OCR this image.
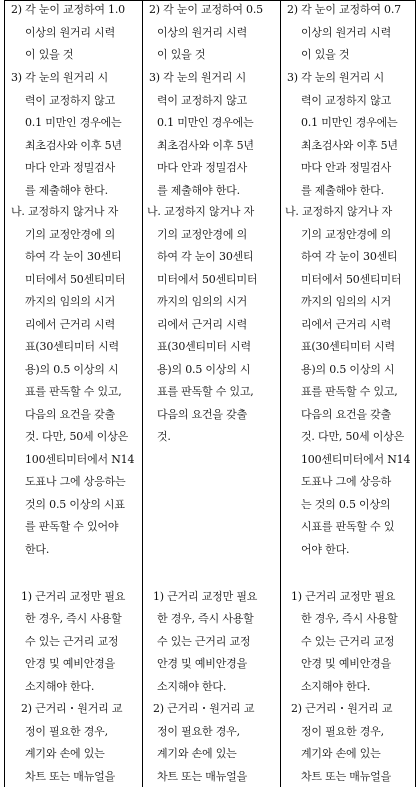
2) 각 눈이 교정하여 1.0
이상의 원거리 시력
이 있을 것
3) 각 눈의 원거리 시
력이 교정하지 않고
0.1 미만인 경우에는
최초검사와 이후 5년
마다 안과 정밀검사
를 제출해야 한다.
나. 교정하지 않거나 자
기의 교정안경에 의
하여 각 눈이 30센티
미터에서 50센티미터
까지의 임의의 시거
리에서 근거리 시력
표(30센티미터 시력
용)의 0.5 이상의 시
표를 판독할 수 있고,
다음의 요건을 갖출
것. 다만, 50세 이상은
100센티미터에서 N14
도표나 그에 상응하는
것의 0.5 이상의 시표
를 판독할 수 있어야
한다.
1) 근거리 교정만 필요
한 경우, 즉시 사용할
수 있는 근거리 교정
안경 및 예비안경을
소지해야 한다.
2) 근거리・원거리 교
정이 필요한 경우,
계기와 손에 있는
차트 또는 매뉴얼을
2) 각 눈이 교정하여 0.5
이상의 원거리 시력
이 있을 것
3) 각 눈의 원거리 시
력이 교정하지 않고
0.1 미만인 경우에는
최초검사와 이후 5년
마다 안과 정밀검사
를 제출해야 한다.
나. 교정하지 않거나 자
기의 교정안경에 의
하여 각 눈이 30센티
미터에서 50센티미터
까지의 임의의 시거
리에서 근거리 시력
표(30센티미터 시력
용)의 0.5 이상의 시
표를 판독할 수 있고,
다음의 요건을 갖출
것.
1) 근거리 교정만 필요
한 경우, 즉시 사용할
수 있는 근거리 교정
안경 및 예비안경을
소지해야 한다.
2) 근거리・원거리 교
정이 필요한 경우,
계기와 손에 있는
차트 또는 매뉴얼을
2) 각 눈이 교정하여 0.7
이상의 원거리 시력
이 있을 것
3) 각 눈의 원거리 시
력이 교정하지 않고
0.1 미만인 경우에는
최초검사와 이후 5년
마다 안과 정밀검사
를 제출해야 한다.
나. 교정하지 않거나 자
기의 교정안경에 의
하여 각 눈이 30센티
미터에서 50센티미터
까지의 임의의 시거
리에서 근거리 시력
표(30센티미터 시력
용)의 0.5 이상의 시
표를 판독할 수 있고,
다음의 요건을 갖출
것. 다만, 50세 이상은
100센티미터에서 N14
도표나 그에 상응하
는 것의 0.5 이상의
시표를 판독할 수 있
어야 한다.
1) 근거리 교정만 필요
한 경우, 즉시 사용할
수 있는 근거리 교정
안경 및 예비안경을
소지해야 한다.
2) 근거리・원거리 교
정이 필요한 경우,
계기와 손에 있는
차트 또는 매뉴얼을
